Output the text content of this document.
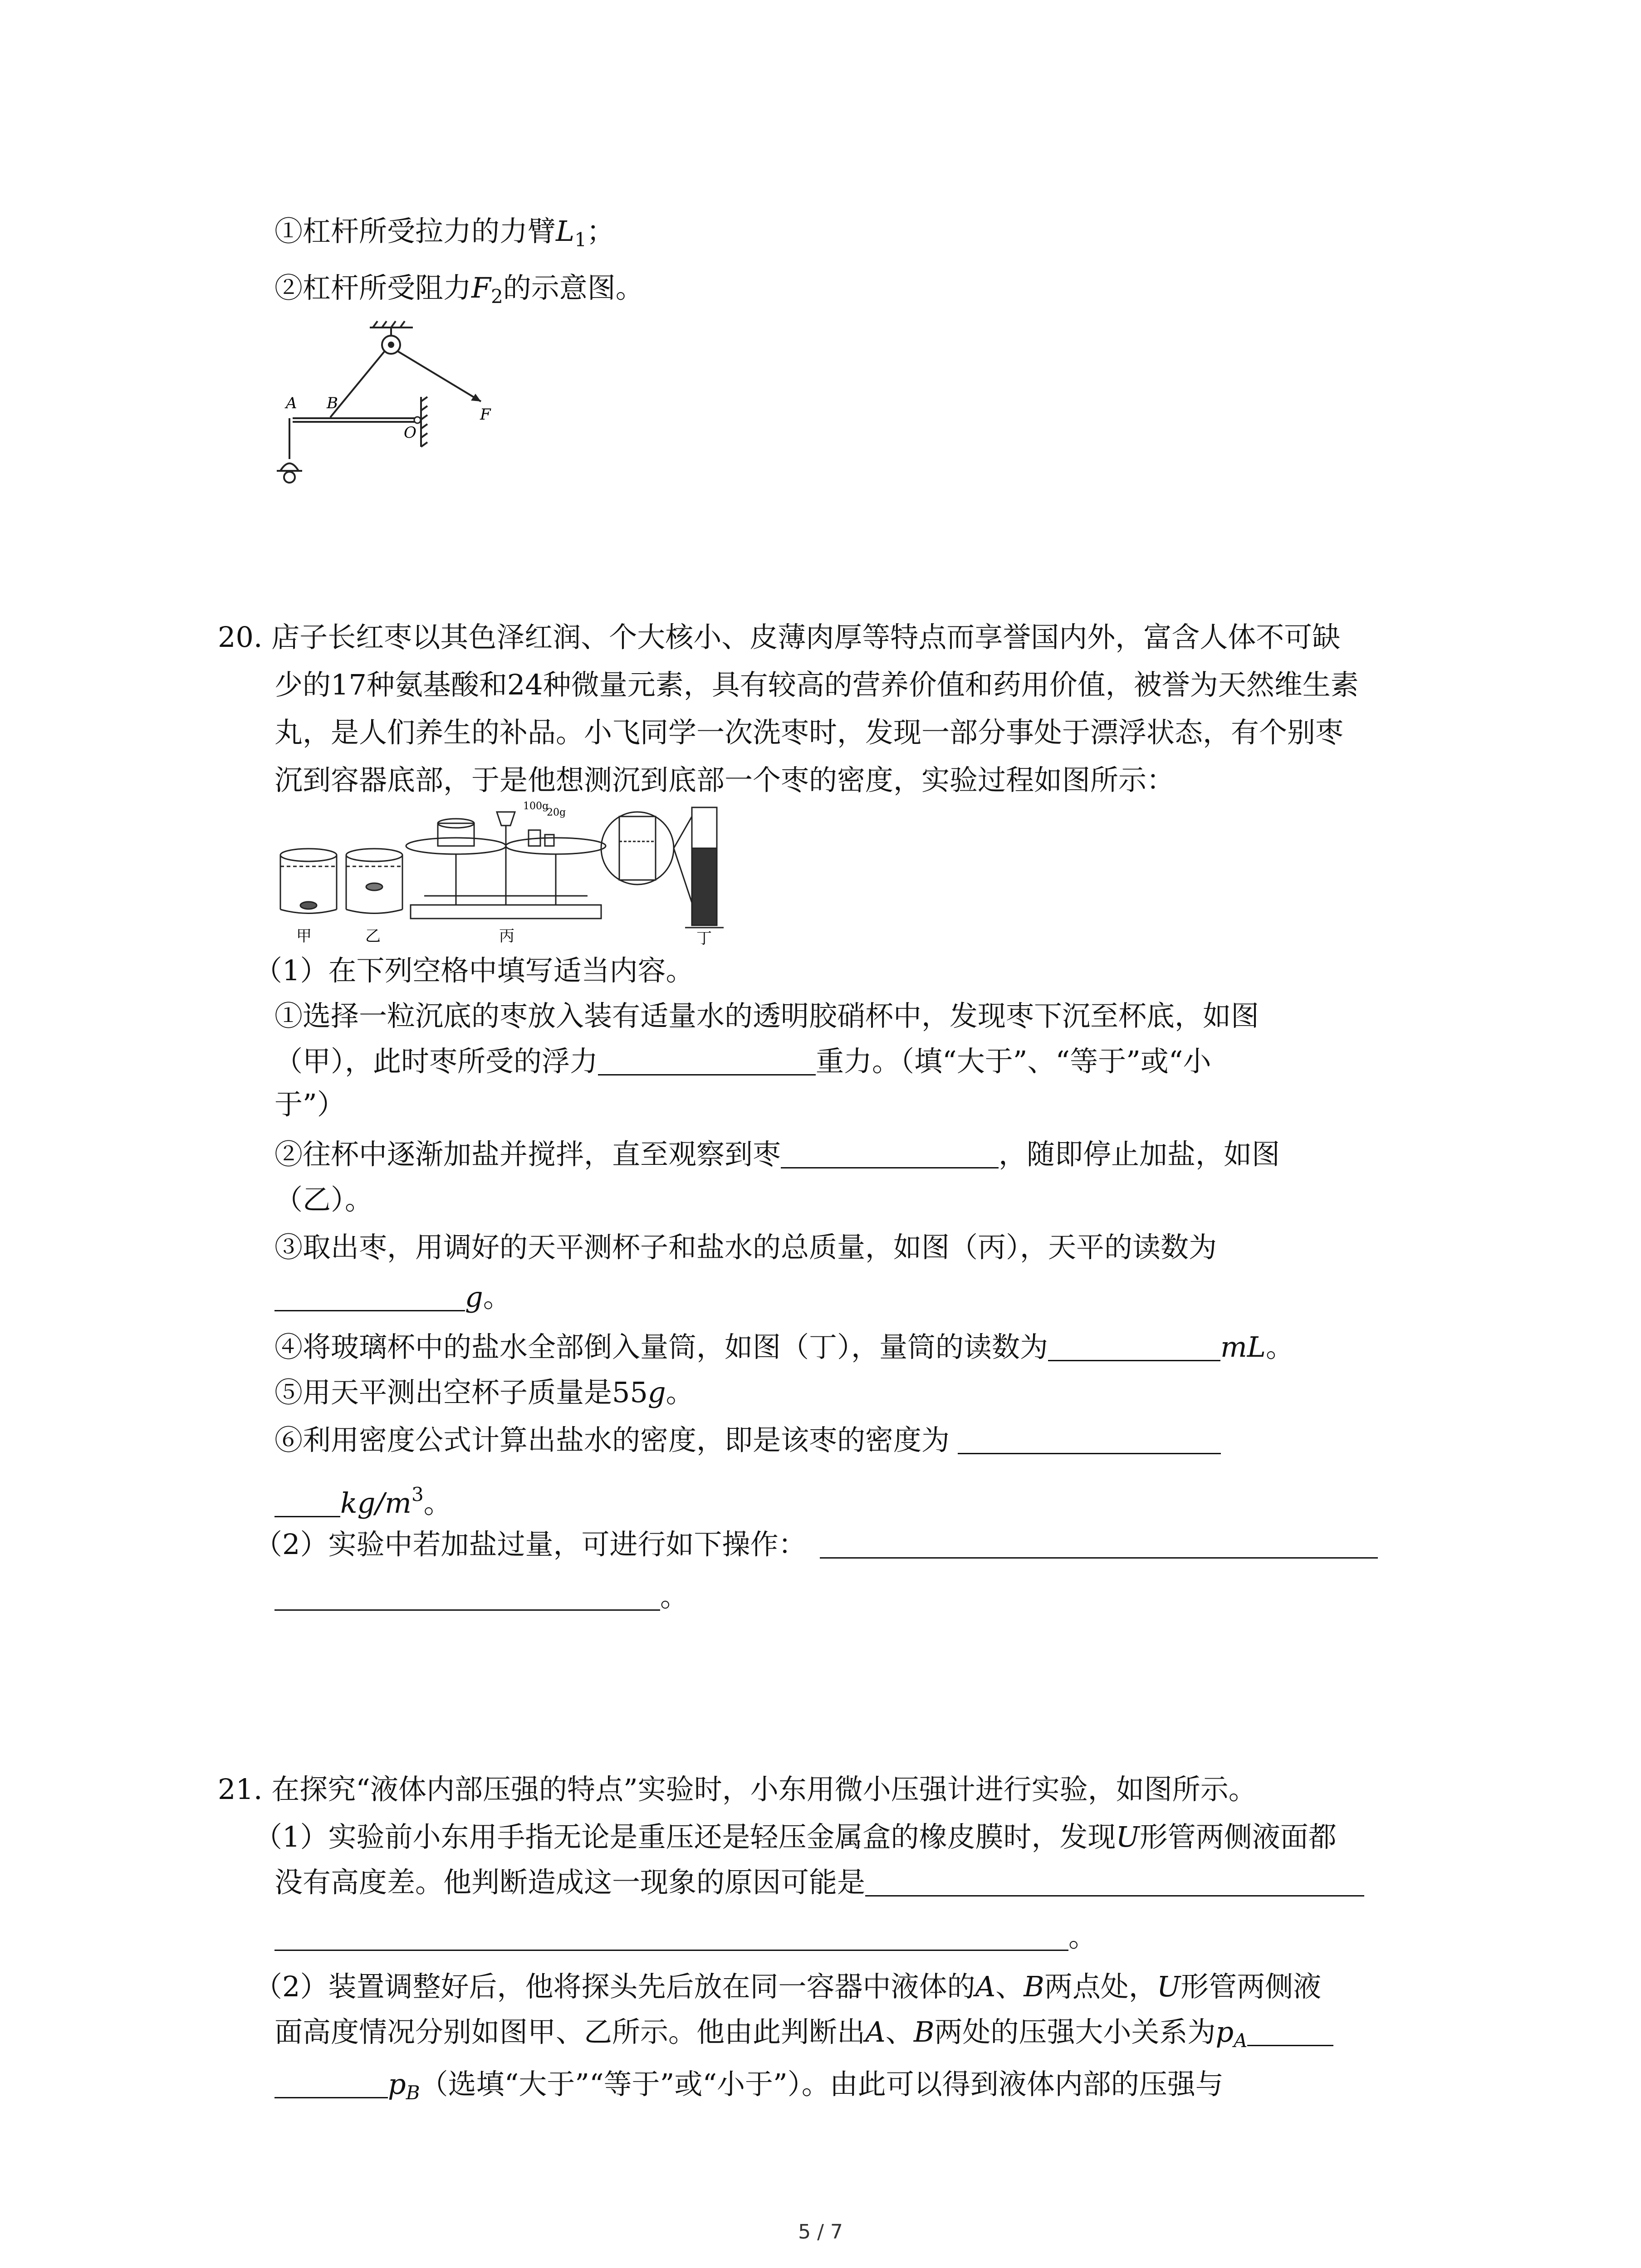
①杠杆所受拉力的力臂$L_1$；
②杠杆所受阻力$F_2$的示意图。
A B
O
F
20. 店子长红枣以其色泽红润、个大核小、皮薄肉厚等特点而享誉国内外，富含人体不可缺
少的17种氨基酸和24种微量元素，具有较高的营养价值和药用价值，被誉为天然维生素
丸，是人们养生的补品。小飞同学一次洗枣时，发现一部分事处于漂浮状态，有个别枣
沉到容器底部，于是他想测沉到底部一个枣的密度，实验过程如图所示：
100g
20g
甲	乙	丙	丁
（1）在下列空格中填写适当内容。
①选择一粒沉底的枣放入装有适量水的透明胶硝杯中，发现枣下沉至杯底，如图
（甲），此时枣所受的浮力	重力。（填“大于”、“等于”或“小
于”）
②往杯中逐渐加盐并搅拌，直至观察到枣	，随即停止加盐，如图
（乙）。
③取出枣，用调好的天平测杯子和盐水的总质量，如图（丙），天平的读数为
g。
④将玻璃杯中的盐水全部倒入量筒，如图（丁），量筒的读数为	mL。
⑤用天平测出空杯子质量是55g。
⑥利用密度公式计算出盐水的密度，即是该枣的密度为
$kg/m^3$。
（2）实验中若加盐过量，可进行如下操作：
。
21. 在探究“液体内部压强的特点”实验时，小东用微小压强计进行实验，如图所示。
（1）实验前小东用手指无论是重压还是轻压金属盒的橡皮膜时，发现U形管两侧液面都
没有高度差。他判断造成这一现象的原因可能是
。
（2）装置调整好后，他将探头先后放在同一容器中液体的A、B两点处，U形管两侧液
面高度情况分别如图甲、乙所示。他由此判断出A、B两处的压强大小关系为$p_A$
$p_B$（选填“大于”“等于”或“小于”）。由此可以得到液体内部的压强与
5 / 7
